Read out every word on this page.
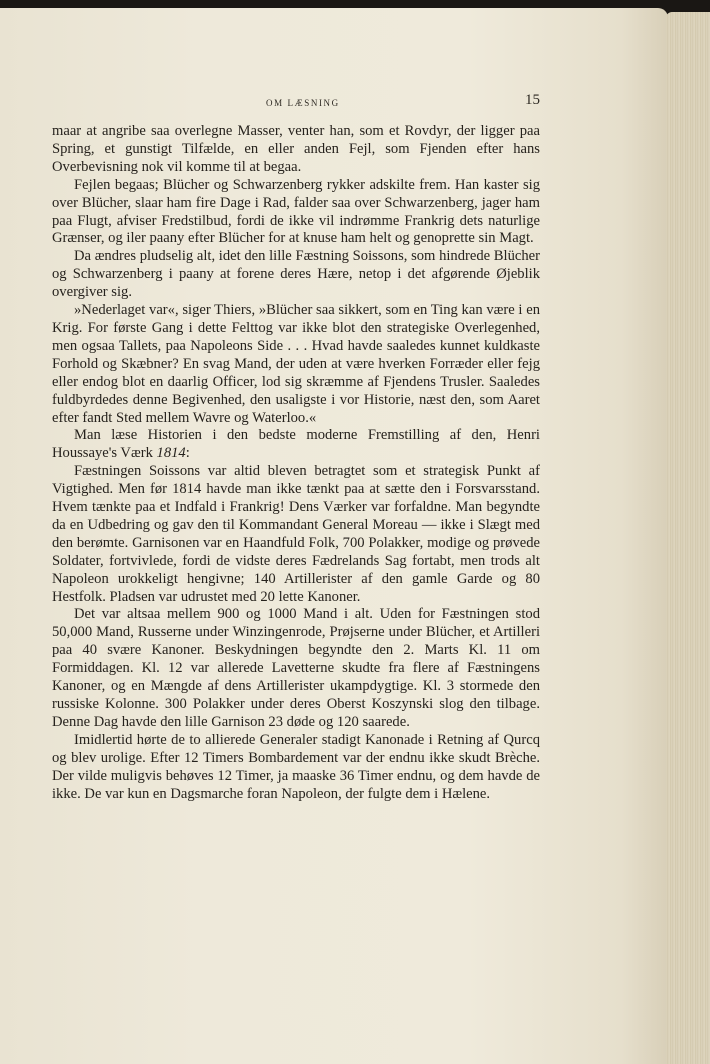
OM LÆSNING	15

maar at angribe saa overlegne Masser, venter han, som et Rovdyr, der ligger paa Spring, et gunstigt Tilfælde, en eller anden Fejl, som Fjenden efter hans Overbevisning nok vil komme til at begaa.

Fejlen begaas; Blücher og Schwarzenberg rykker adskilte frem. Han kaster sig over Blücher, slaar ham fire Dage i Rad, falder saa over Schwarzenberg, jager ham paa Flugt, afviser Fredstilbud, fordi de ikke vil indrømme Frankrig dets naturlige Grænser, og iler paany efter Blücher for at knuse ham helt og genoprette sin Magt.

Da ændres pludselig alt, idet den lille Fæstning Soissons, som hindrede Blücher og Schwarzenberg i paany at forene deres Hære, netop i det afgørende Øjeblik overgiver sig.

»Nederlaget var«, siger Thiers, »Blücher saa sikkert, som en Ting kan være i en Krig. For første Gang i dette Felttog var ikke blot den strategiske Overlegenhed, men ogsaa Tallets, paa Napoleons Side . . . Hvad havde saaledes kunnet kuldkaste Forhold og Skæbner? En svag Mand, der uden at være hverken Forræder eller fejg eller endog blot en daarlig Officer, lod sig skræmme af Fjendens Trusler. Saaledes fuldbyrdedes denne Begivenhed, den usaligste i vor Historie, næst den, som Aaret efter fandt Sted mellem Wavre og Waterloo.«

Man læse Historien i den bedste moderne Fremstilling af den, Henri Houssaye's Værk 1814:

Fæstningen Soissons var altid bleven betragtet som et strategisk Punkt af Vigtighed. Men før 1814 havde man ikke tænkt paa at sætte den i Forsvarsstand. Hvem tænkte paa et Indfald i Frankrig! Dens Værker var forfaldne. Man begyndte da en Udbedring og gav den til Kommandant General Moreau — ikke i Slægt med den berømte. Garnisonen var en Haandfuld Folk, 700 Polakker, modige og prøvede Soldater, fortvivlede, fordi de vidste deres Fædrelands Sag fortabt, men trods alt Napoleon urokkeligt hengivne; 140 Artillerister af den gamle Garde og 80 Hestfolk. Pladsen var udrustet med 20 lette Kanoner.

Det var altsaa mellem 900 og 1000 Mand i alt. Uden for Fæstningen stod 50,000 Mand, Russerne under Winzingenrode, Prøjserne under Blücher, et Artilleri paa 40 svære Kanoner. Beskydningen begyndte den 2. Marts Kl. 11 om Formiddagen. Kl. 12 var allerede Lavetterne skudte fra flere af Fæstningens Kanoner, og en Mængde af dens Artillerister ukampdygtige. Kl. 3 stormede den russiske Kolonne. 300 Polakker under deres Oberst Koszynski slog den tilbage. Denne Dag havde den lille Garnison 23 døde og 120 saarede.

Imidlertid hørte de to allierede Generaler stadigt Kanonade i Retning af Qurcq og blev urolige. Efter 12 Timers Bombardement var der endnu ikke skudt Brèche. Der vilde muligvis behøves 12 Timer, ja maaske 36 Timer endnu, og dem havde de ikke. De var kun en Dagsmarche foran Napoleon, der fulgte dem i Hælene.
